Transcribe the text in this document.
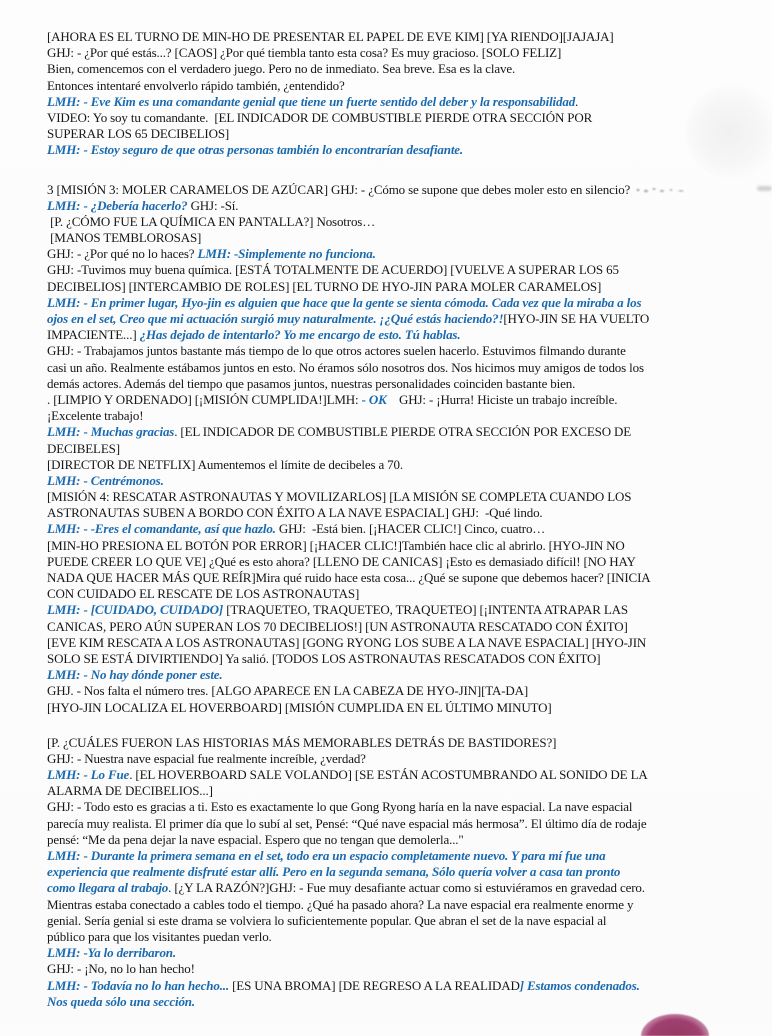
[AHORA ES EL TURNO DE MIN-HO DE PRESENTAR EL PAPEL DE EVE KIM] [YA RIENDO][JAJAJA]
GHJ: - ¿Por qué estás...? [CAOS] ¿Por qué tiembla tanto esta cosa? Es muy gracioso. [SOLO FELIZ]
Bien, comencemos con el verdadero juego. Pero no de inmediato. Sea breve. Esa es la clave.
Entonces intentaré envolverlo rápido también, ¿entendido?
LMH: - Eve Kim es una comandante genial que tiene un fuerte sentido del deber y la responsabilidad.
VIDEO: Yo soy tu comandante.  [EL INDICADOR DE COMBUSTIBLE PIERDE OTRA SECCIÓN POR
SUPERAR LOS 65 DECIBELIOS]
LMH: - Estoy seguro de que otras personas también lo encontrarían desafiante.
3 [MISIÓN 3: MOLER CARAMELOS DE AZÚCAR] GHJ: - ¿Cómo se supone que debes moler esto en silencio?
LMH: - ¿Debería hacerlo? GHJ: -Sí.
[P. ¿CÓMO FUE LA QUÍMICA EN PANTALLA?] Nosotros…
[MANOS TEMBLOROSAS]
GHJ: - ¿Por qué no lo haces? LMH: -Simplemente no funciona.
GHJ: -Tuvimos muy buena química. [ESTÁ TOTALMENTE DE ACUERDO] [VUELVE A SUPERAR LOS 65
DECIBELIOS] [INTERCAMBIO DE ROLES] [EL TURNO DE HYO-JIN PARA MOLER CARAMELOS]
LMH: - En primer lugar, Hyo-jin es alguien que hace que la gente se sienta cómoda. Cada vez que la miraba a los
ojos en el set, Creo que mi actuación surgió muy naturalmente. ¡¿Qué estás haciendo?![HYO-JIN SE HA VUELTO
IMPACIENTE...] ¿Has dejado de intentarlo? Yo me encargo de esto. Tú hablas.
GHJ: - Trabajamos juntos bastante más tiempo de lo que otros actores suelen hacerlo. Estuvimos filmando durante
casi un año. Realmente estábamos juntos en esto. No éramos sólo nosotros dos. Nos hicimos muy amigos de todos los
demás actores. Además del tiempo que pasamos juntos, nuestras personalidades coinciden bastante bien.
. [LIMPIO Y ORDENADO] [¡MISIÓN CUMPLIDA!]LMH: - OK    GHJ: - ¡Hurra! Hiciste un trabajo increíble.
¡Excelente trabajo!
LMH: - Muchas gracias. [EL INDICADOR DE COMBUSTIBLE PIERDE OTRA SECCIÓN POR EXCESO DE
DECIBELES]
[DIRECTOR DE NETFLIX] Aumentemos el límite de decibeles a 70.
LMH: - Centrémonos.
[MISIÓN 4: RESCATAR ASTRONAUTAS Y MOVILIZARLOS] [LA MISIÓN SE COMPLETA CUANDO LOS
ASTRONAUTAS SUBEN A BORDO CON ÉXITO A LA NAVE ESPACIAL] GHJ:  -Qué lindo.
LMH: - -Eres el comandante, así que hazlo. GHJ:  -Está bien. [¡HACER CLIC!] Cinco, cuatro…
[MIN-HO PRESIONA EL BOTÓN POR ERROR] [¡HACER CLIC!]También hace clic al abrirlo. [HYO-JIN NO
PUEDE CREER LO QUE VE] ¿Qué es esto ahora? [LLENO DE CANICAS] ¡Esto es demasiado difícil! [NO HAY
NADA QUE HACER MÁS QUE REÍR]Mira qué ruido hace esta cosa... ¿Qué se supone que debemos hacer? [INICIA
CON CUIDADO EL RESCATE DE LOS ASTRONAUTAS]
LMH: - [CUIDADO, CUIDADO] [TRAQUETEO, TRAQUETEO, TRAQUETEO] [¡INTENTA ATRAPAR LAS
CANICAS, PERO AÚN SUPERAN LOS 70 DECIBELIOS!] [UN ASTRONAUTA RESCATADO CON ÉXITO]
[EVE KIM RESCATA A LOS ASTRONAUTAS] [GONG RYONG LOS SUBE A LA NAVE ESPACIAL] [HYO-JIN
SOLO SE ESTÁ DIVIRTIENDO] Ya salió. [TODOS LOS ASTRONAUTAS RESCATADOS CON ÉXITO]
LMH: - No hay dónde poner este.
GHJ. - Nos falta el número tres. [ALGO APARECE EN LA CABEZA DE HYO-JIN][TA-DA]
[HYO-JIN LOCALIZA EL HOVERBOARD] [MISIÓN CUMPLIDA EN EL ÚLTIMO MINUTO]
[P. ¿CUÁLES FUERON LAS HISTORIAS MÁS MEMORABLES DETRÁS DE BASTIDORES?]
GHJ: - Nuestra nave espacial fue realmente increíble, ¿verdad?
LMH: - Lo Fue. [EL HOVERBOARD SALE VOLANDO] [SE ESTÁN ACOSTUMBRANDO AL SONIDO DE LA
ALARMA DE DECIBELIOS...]
GHJ: - Todo esto es gracias a ti. Esto es exactamente lo que Gong Ryong haría en la nave espacial. La nave espacial
parecía muy realista. El primer día que lo subí al set, Pensé: “Qué nave espacial más hermosa”. El último día de rodaje
pensé: “Me da pena dejar la nave espacial. Espero que no tengan que demolerla..."
LMH: - Durante la primera semana en el set, todo era un espacio completamente nuevo. Y para mí fue una
experiencia que realmente disfruté estar allí. Pero en la segunda semana, Sólo quería volver a casa tan pronto
como llegara al trabajo. [¿Y LA RAZÓN?]GHJ: - Fue muy desafiante actuar como si estuviéramos en gravedad cero.
Mientras estaba conectado a cables todo el tiempo. ¿Qué ha pasado ahora? La nave espacial era realmente enorme y
genial. Sería genial si este drama se volviera lo suficientemente popular. Que abran el set de la nave espacial al
público para que los visitantes puedan verlo.
LMH: -Ya lo derribaron.
GHJ: - ¡No, no lo han hecho!
LMH: - Todavía no lo han hecho... [ES UNA BROMA] [DE REGRESO A LA REALIDAD] Estamos condenados.
Nos queda sólo una sección.
